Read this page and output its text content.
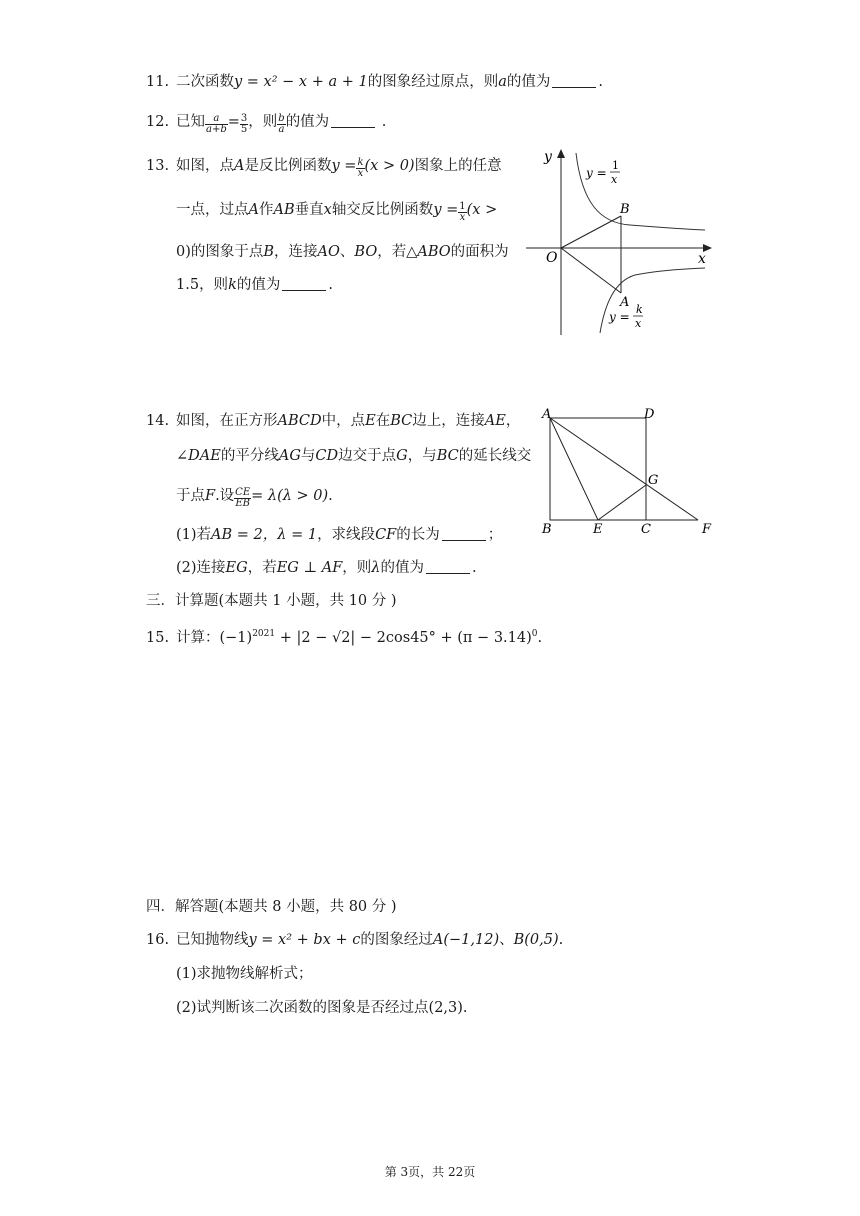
11. 二次函数y = x² − x + a + 1的图象经过原点，则a的值为	.
12. 已知 $\frac{a}{a+b} = \frac{3}{5}$ ，则 $\frac{b}{a}$ 的值为	.
13. 如图，点A是反比例函数$y = \frac{k}{x} (x > 0)$图象上的任意
一点，过点A作AB垂直x轴交反比例函数$y = \frac{1}{x} (x$ >
0)的图象于点B，连接AO、BO，若△ABO的面积为
1.5，则k的值为	.
y
x
O
B
A
y =
1
x
y =
k
x
14. 如图，在正方形ABCD中，点E在BC边上，连接AE，
∠DAE的平分线AG与CD边交于点G，与BC的延长线交
于点F.设 $\frac{CE}{EB} = \lambda(\lambda > 0)$.
(1)若AB = 2，λ = 1，求线段CF的长为	；
(2)连接EG，若EG ⊥ AF，则λ的值为	.
A	D
G
B	E	C	F
三．计算题(本题共 1 小题，共 10 分 )
15. 计算：$(-1)^{2021} + |2 - √2| - 2\cos 45^\circ + (\pi - 3.14)^0$.
四．解答题(本题共 8 小题，共 80 分 )
16. 已知抛物线y = x² + bx + c的图象经过A(−1,12)、B(0,5).
(1)求抛物线解析式；
(2)试判断该二次函数的图象是否经过点(2,3).
第 3页，共 22页
